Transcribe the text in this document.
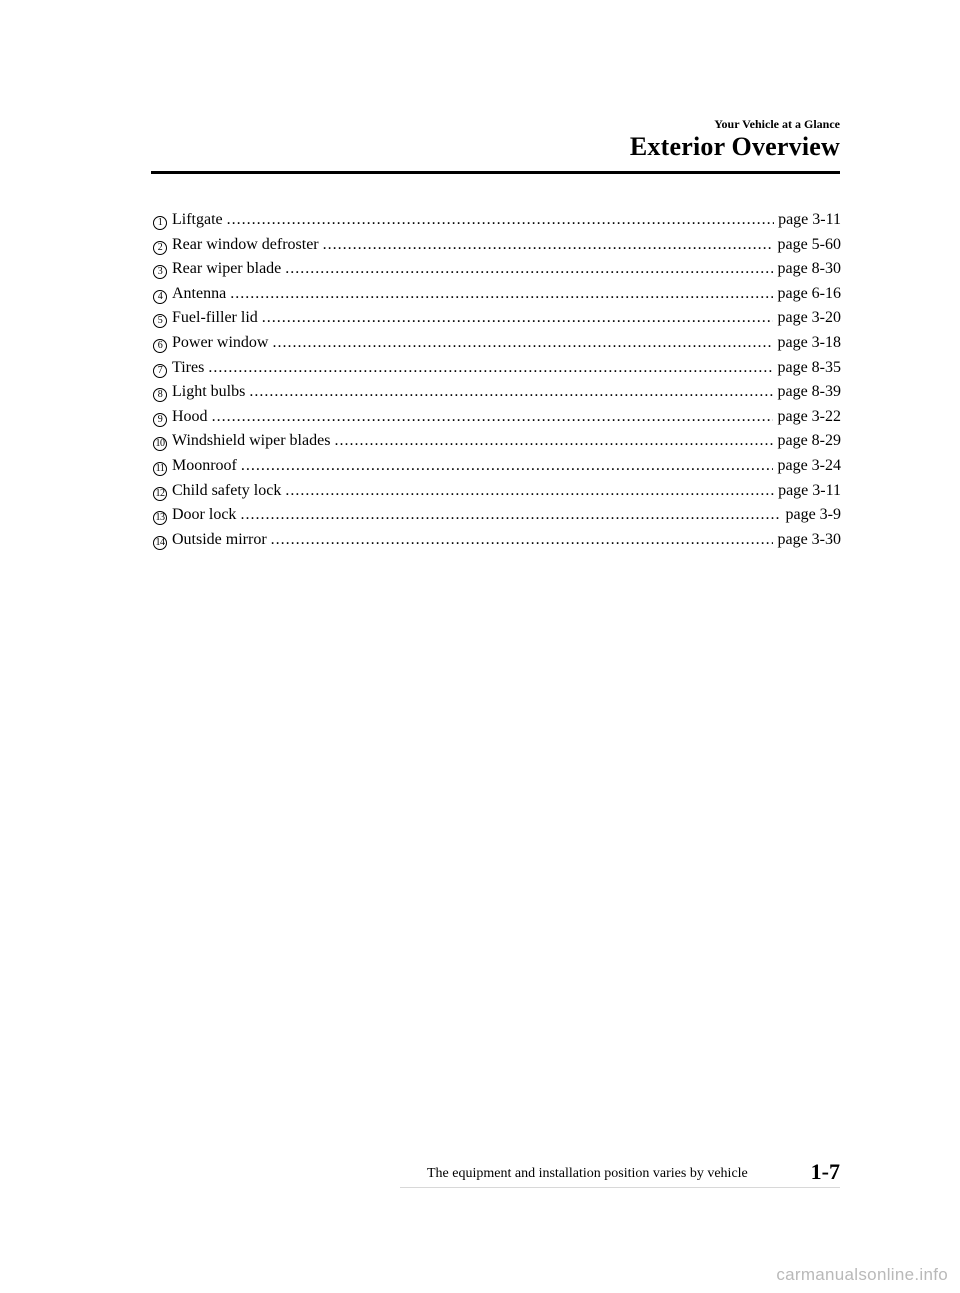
Your Vehicle at a Glance
Exterior Overview
1 Liftgate .....	page 3-11
2 Rear window defroster .....	page 5-60
3 Rear wiper blade .....	page 8-30
4 Antenna .....	page 6-16
5 Fuel-filler lid .....	page 3-20
6 Power window .....	page 3-18
7 Tires .....	page 8-35
8 Light bulbs .....	page 8-39
9 Hood .....	page 3-22
10 Windshield wiper blades .....	page 8-29
11 Moonroof .....	page 3-24
12 Child safety lock .....	page 3-11
13 Door lock .....	page 3-9
14 Outside mirror .....	page 3-30
The equipment and installation position varies by vehicle	1-7
carmanualsonline.info
